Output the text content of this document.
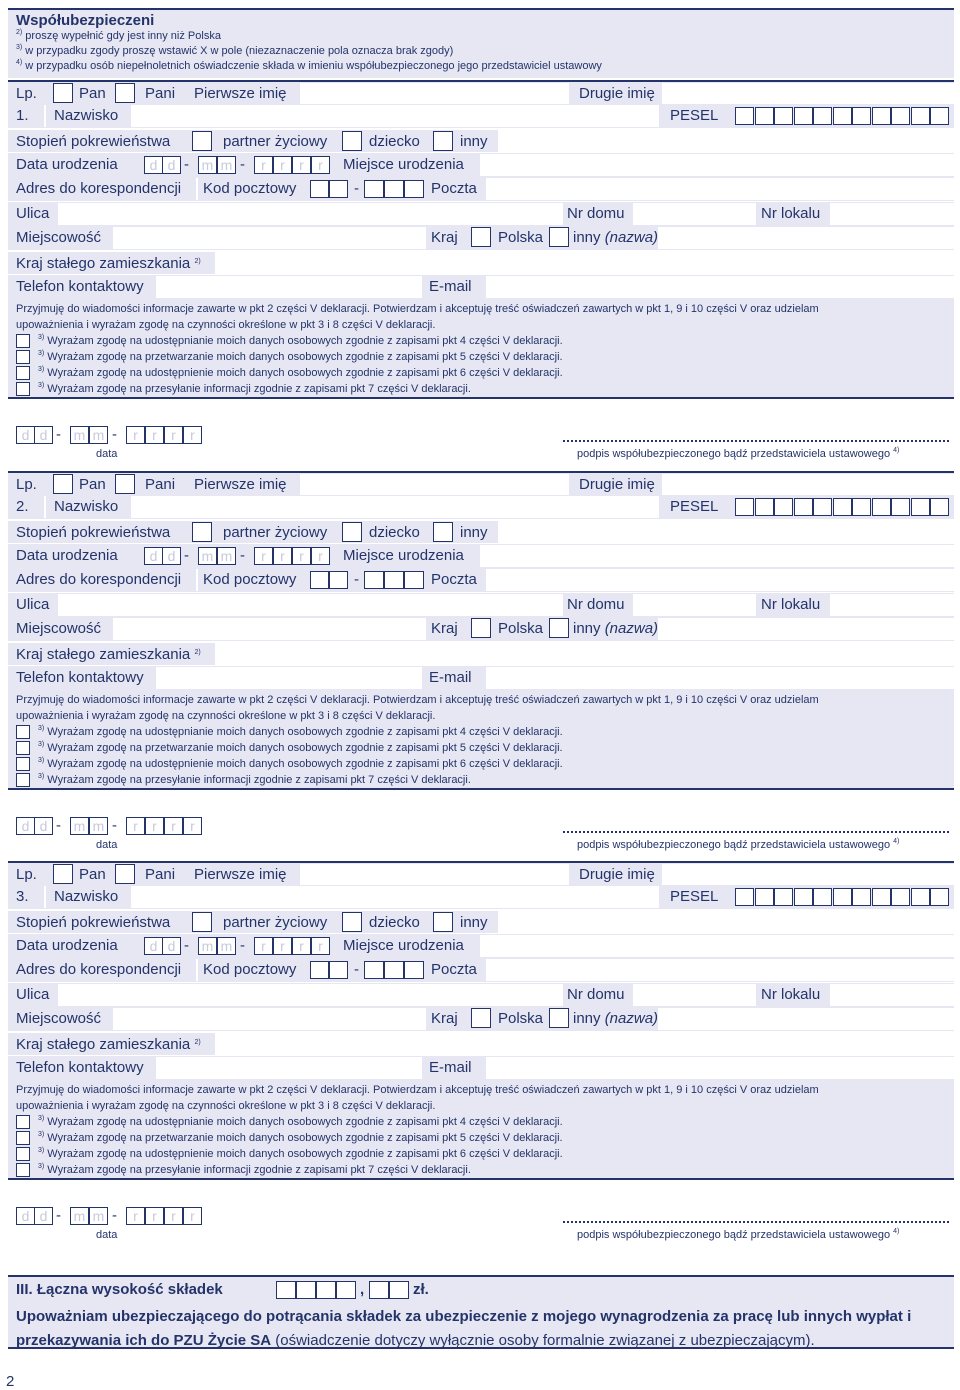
Współubezpieczeni
$^{2)}$ proszę wypełnić gdy jest inny niż Polska
$^{3)}$ w przypadku zgody proszę wstawić X w pole (niezaznaczenie pola oznacza brak zgody)
$^{4)}$ w przypadku osób niepełnoletnich oświadczenie składa w imieniu współubezpieczonego jego przedstawiciel ustawowy
Lp.	Pan	Pani Pierwsze imię	Drugie imię
1. Nazwisko	PESEL
Stopień pokrewieństwa	partner życiowy	dziecko	inny
Data urodzenia	Miejsce urodzenia
d d - m m -	r	r	r	r
Adres do korespondencji Kod pocztowy	-	Poczta
Ulica	Nr domu	Nr lokalu
Miejscowość	Kraj	Polska inny (nazwa)
Kraj stałego zamieszkania $^{2)}$
Telefon kontaktowy	E-mail

Przyjmuję do wiadomości informacje zawarte w pkt 2 części V deklaracji. Potwierdzam i akceptuję treść oświadczeń zawartych w pkt 1, 9 i 10 części V oraz udzielam

upoważnienia i wyrażam zgodę na czynności określone w pkt 3 i 8 części V deklaracji.

$^{3)}$ Wyrażam zgodę na udostępnianie moich danych osobowych zgodnie z zapisami pkt 4 części V deklaracji.
$^{3)}$ Wyrażam zgodę na przetwarzanie moich danych osobowych zgodnie z zapisami pkt 5 części V deklaracji.
$^{3)}$ Wyrażam zgodę na udostępnienie moich danych osobowych zgodnie z zapisami pkt 6 części V deklaracji.
$^{3)}$ Wyrażam zgodę na przesyłanie informacji zgodnie z zapisami pkt 7 części V deklaracji.
data	podpis współubezpieczonego bądź przedstawiciela ustawowego $^{4)}$
d d - m m -	r	r	r	r
Lp.	Pan	Pani Pierwsze imię	Drugie imię
2. Nazwisko	PESEL
Stopień pokrewieństwa	partner życiowy	dziecko	inny
Data urodzenia	Miejsce urodzenia
d d - m m -	r	r	r	r
Adres do korespondencji Kod pocztowy	-	Poczta
Ulica	Nr domu	Nr lokalu
Miejscowość	Kraj	Polska inny (nazwa)
Kraj stałego zamieszkania $^{2)}$
Telefon kontaktowy	E-mail

Przyjmuję do wiadomości informacje zawarte w pkt 2 części V deklaracji. Potwierdzam i akceptuję treść oświadczeń zawartych w pkt 1, 9 i 10 części V oraz udzielam

upoważnienia i wyrażam zgodę na czynności określone w pkt 3 i 8 części V deklaracji.

$^{3)}$ Wyrażam zgodę na udostępnianie moich danych osobowych zgodnie z zapisami pkt 4 części V deklaracji.
$^{3)}$ Wyrażam zgodę na przetwarzanie moich danych osobowych zgodnie z zapisami pkt 5 części V deklaracji.
$^{3)}$ Wyrażam zgodę na udostępnienie moich danych osobowych zgodnie z zapisami pkt 6 części V deklaracji.
$^{3)}$ Wyrażam zgodę na przesyłanie informacji zgodnie z zapisami pkt 7 części V deklaracji.
data	podpis współubezpieczonego bądź przedstawiciela ustawowego $^{4)}$
d d - m m -	r	r	r	r
Lp.	Pan	Pani Pierwsze imię	Drugie imię
3. Nazwisko	PESEL
Stopień pokrewieństwa	partner życiowy	dziecko	inny
Data urodzenia	Miejsce urodzenia
d d - m m -	r	r	r	r
Adres do korespondencji Kod pocztowy	-	Poczta
Ulica	Nr domu	Nr lokalu
Miejscowość	Kraj	Polska inny (nazwa)
Kraj stałego zamieszkania $^{2)}$
Telefon kontaktowy	E-mail

Przyjmuję do wiadomości informacje zawarte w pkt 2 części V deklaracji. Potwierdzam i akceptuję treść oświadczeń zawartych w pkt 1, 9 i 10 części V oraz udzielam

upoważnienia i wyrażam zgodę na czynności określone w pkt 3 i 8 części V deklaracji.

$^{3)}$ Wyrażam zgodę na udostępnianie moich danych osobowych zgodnie z zapisami pkt 4 części V deklaracji.
$^{3)}$ Wyrażam zgodę na przetwarzanie moich danych osobowych zgodnie z zapisami pkt 5 części V deklaracji.
$^{3)}$ Wyrażam zgodę na udostępnienie moich danych osobowych zgodnie z zapisami pkt 6 części V deklaracji.
$^{3)}$ Wyrażam zgodę na przesyłanie informacji zgodnie z zapisami pkt 7 części V deklaracji.
data	podpis współubezpieczonego bądź przedstawiciela ustawowego $^{4)}$
d d - m m -	r	r	r	r
III. Łączna wysokość składek	,	zł.
Upoważniam ubezpieczającego do potrącania składek za ubezpieczenie z mojego wynagrodzenia za pracę lub innych wypłat i przekazywania ich do PZU Życie SA (oświadczenie dotyczy wyłącznie osoby formalnie związanej z ubezpieczającym).
2
